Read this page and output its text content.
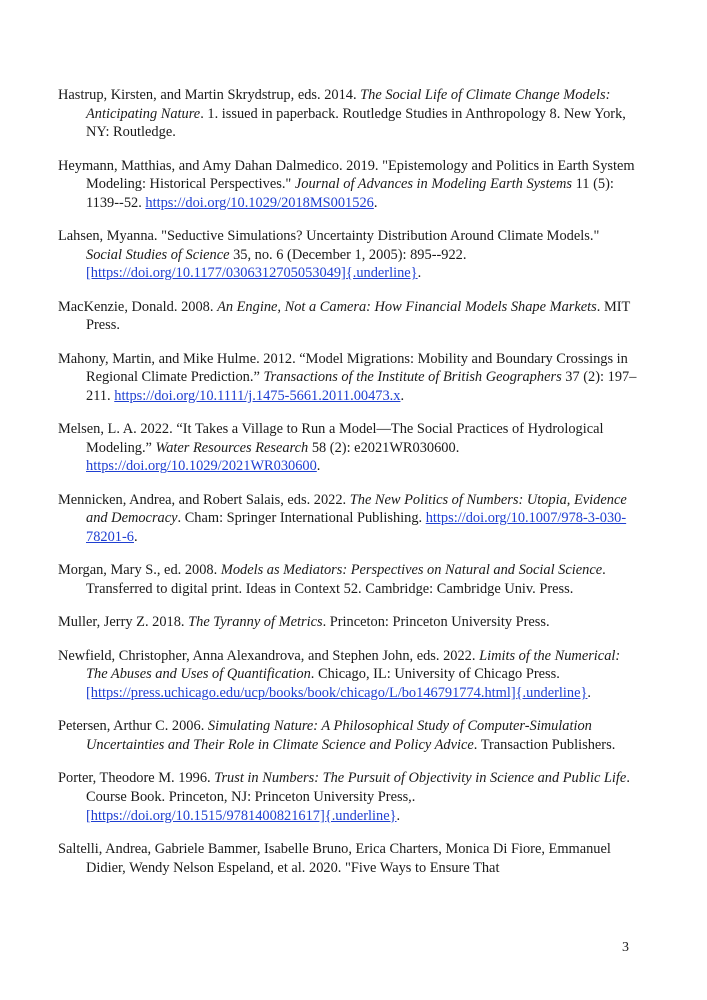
Hastrup, Kirsten, and Martin Skrydstrup, eds. 2014. The Social Life of Climate Change Models: Anticipating Nature. 1. issued in paperback. Routledge Studies in Anthropology 8. New York, NY: Routledge.

Heymann, Matthias, and Amy Dahan Dalmedico. 2019. "Epistemology and Politics in Earth System Modeling: Historical Perspectives." Journal of Advances in Modeling Earth Systems 11 (5): 1139--52. https://doi.org/10.1029/2018MS001526.

Lahsen, Myanna. "Seductive Simulations? Uncertainty Distribution Around Climate Models." Social Studies of Science 35, no. 6 (December 1, 2005): 895--922. [https://doi.org/10.1177/0306312705053049]{.underline}.

MacKenzie, Donald. 2008. An Engine, Not a Camera: How Financial Models Shape Markets. MIT Press.

Mahony, Martin, and Mike Hulme. 2012. “Model Migrations: Mobility and Boundary Crossings in Regional Climate Prediction.” Transactions of the Institute of British Geographers 37 (2): 197–211. https://doi.org/10.1111/j.1475-5661.2011.00473.x.

Melsen, L. A. 2022. “It Takes a Village to Run a Model—The Social Practices of Hydrological Modeling.” Water Resources Research 58 (2): e2021WR030600. https://doi.org/10.1029/2021WR030600.

Mennicken, Andrea, and Robert Salais, eds. 2022. The New Politics of Numbers: Utopia, Evidence and Democracy. Cham: Springer International Publishing. https://doi.org/10.1007/978-3-030-78201-6.

Morgan, Mary S., ed. 2008. Models as Mediators: Perspectives on Natural and Social Science. Transferred to digital print. Ideas in Context 52. Cambridge: Cambridge Univ. Press.

Muller, Jerry Z. 2018. The Tyranny of Metrics. Princeton: Princeton University Press.

Newfield, Christopher, Anna Alexandrova, and Stephen John, eds. 2022. Limits of the Numerical: The Abuses and Uses of Quantification. Chicago, IL: University of Chicago Press. [https://press.uchicago.edu/ucp/books/book/chicago/L/bo146791774.html]{.underline}.

Petersen, Arthur C. 2006. Simulating Nature: A Philosophical Study of Computer-Simulation Uncertainties and Their Role in Climate Science and Policy Advice. Transaction Publishers.

Porter, Theodore M. 1996. Trust in Numbers: The Pursuit of Objectivity in Science and Public Life. Course Book. Princeton, NJ: Princeton University Press,. [https://doi.org/10.1515/9781400821617]{.underline}.

Saltelli, Andrea, Gabriele Bammer, Isabelle Bruno, Erica Charters, Monica Di Fiore, Emmanuel Didier, Wendy Nelson Espeland, et al. 2020. "Five Ways to Ensure That

3
